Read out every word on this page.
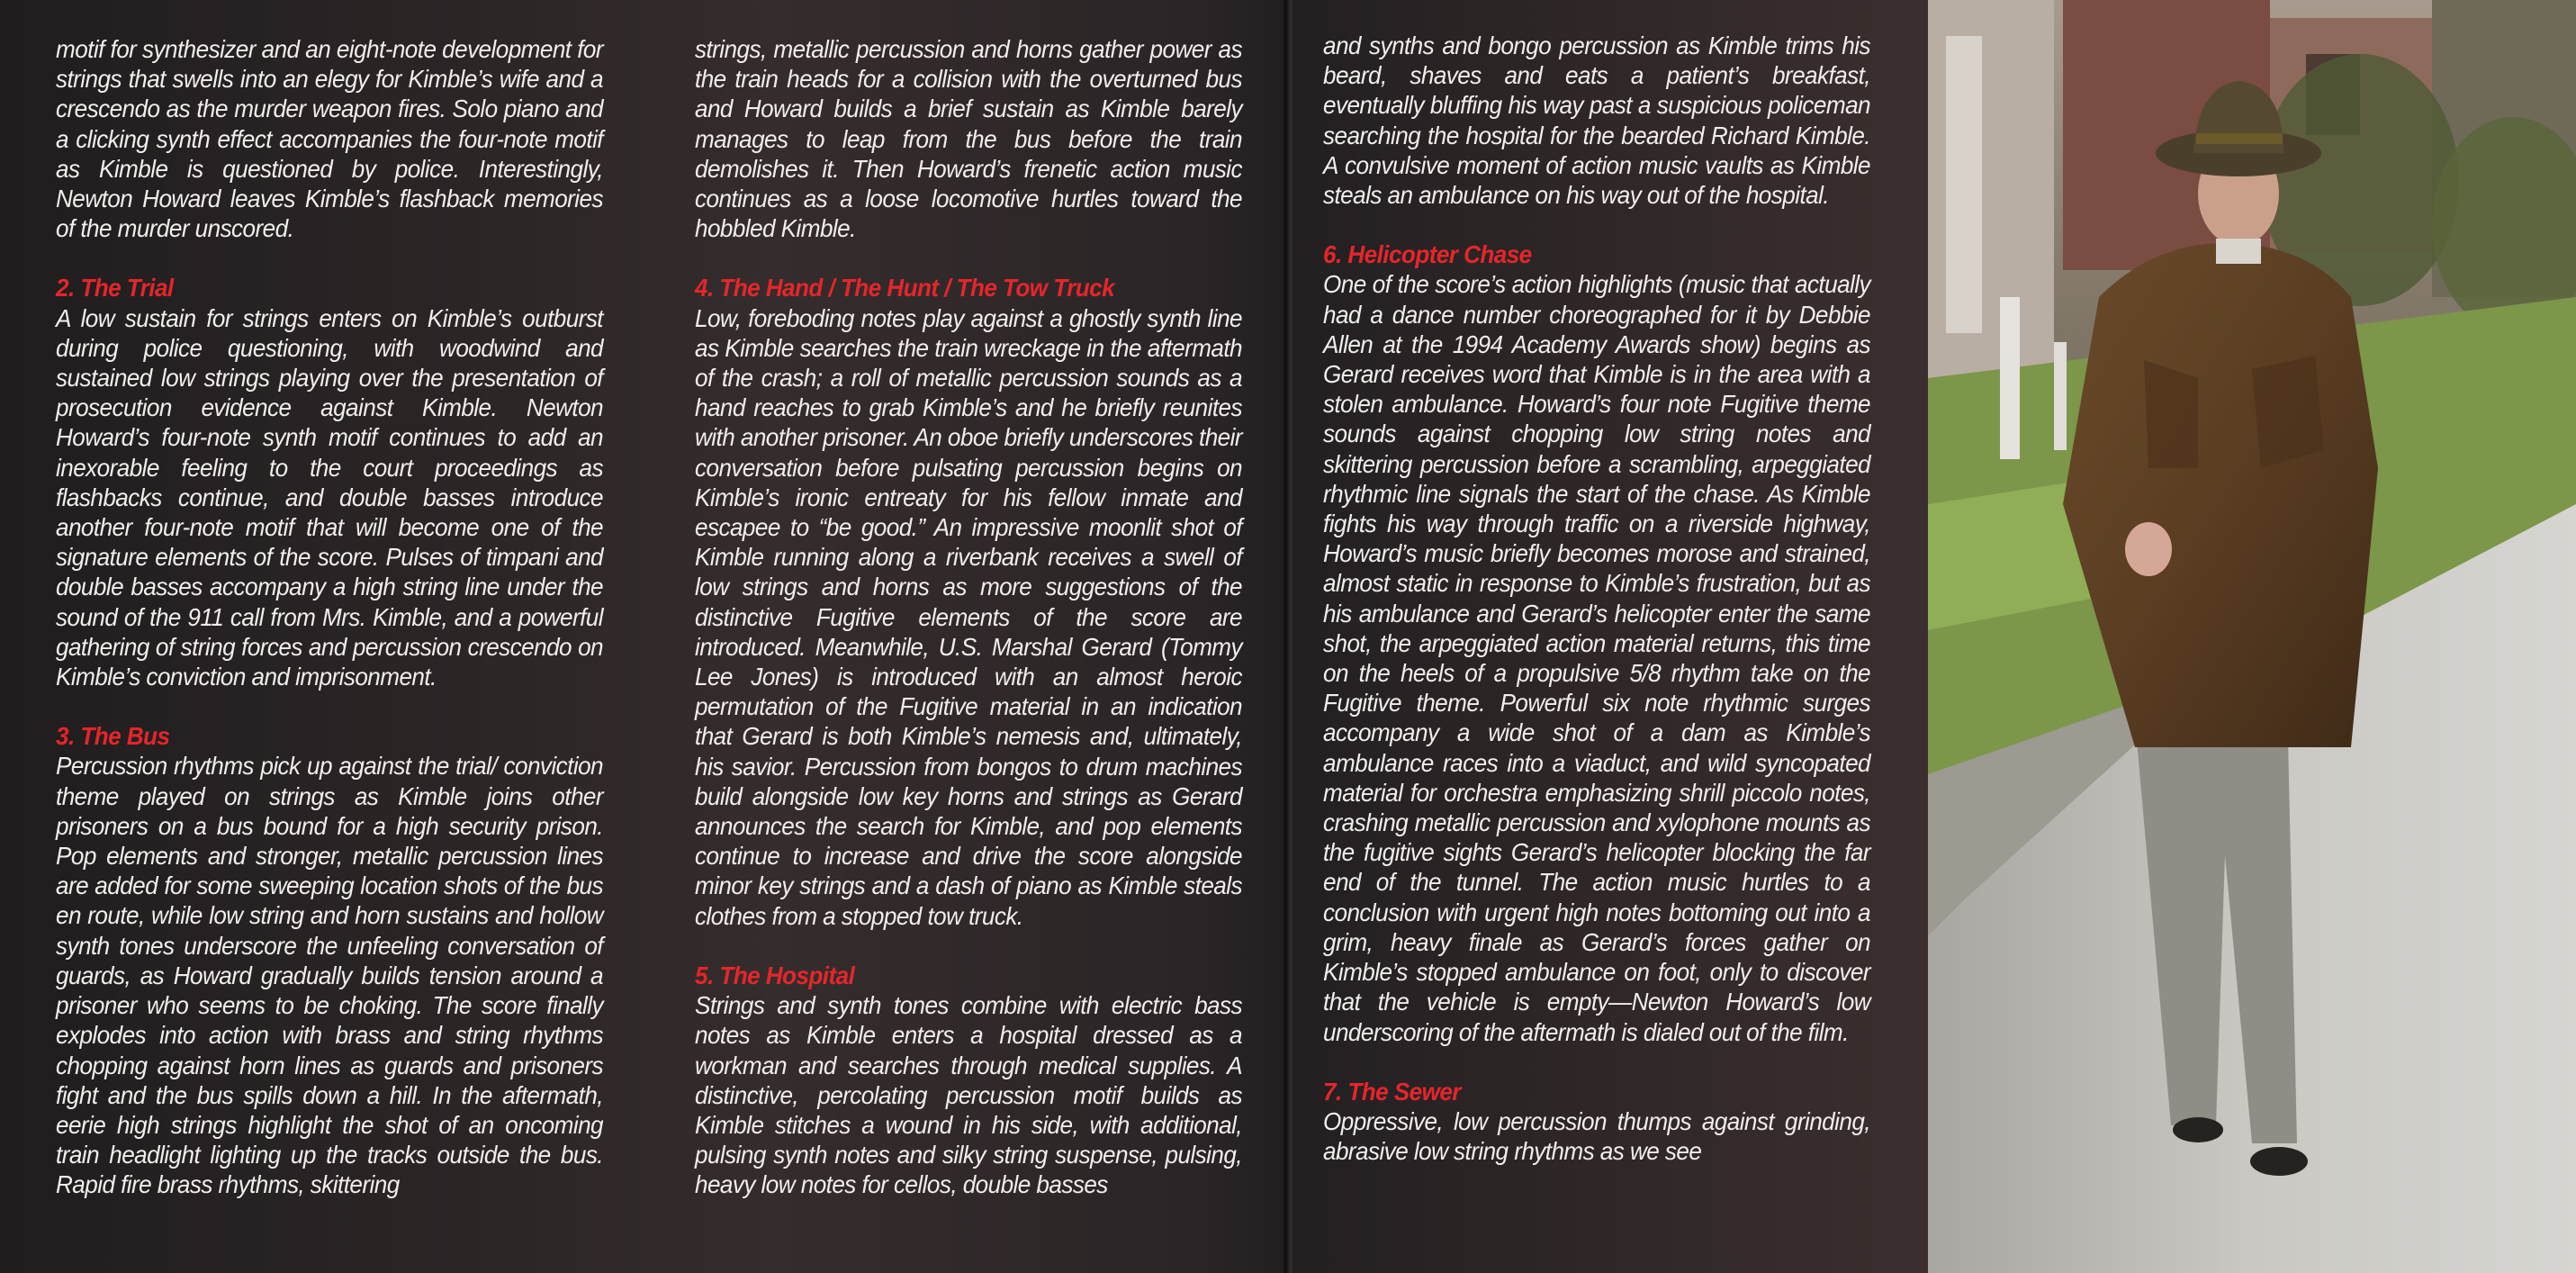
motif for synthesizer and an eight-note development for strings that swells into an elegy for Kimble’s wife and a crescendo as the murder weapon fires. Solo piano and a clicking synth effect accompanies the four-note motif as Kimble is questioned by police. Interestingly, Newton Howard leaves Kimble’s flashback memories of the murder unscored.

2. The Trial

A low sustain for strings enters on Kimble’s outburst during police questioning, with woodwind and sustained low strings playing over the presentation of prosecution evidence against Kimble. Newton Howard’s four-note synth motif continues to add an inexorable feeling to the court proceedings as flashbacks continue, and double basses introduce another four-note motif that will become one of the signature elements of the score. Pulses of timpani and double basses accompany a high string line under the sound of the 911 call from Mrs. Kimble, and a powerful gathering of string forces and percussion crescendo on Kimble’s conviction and imprisonment.

3. The Bus

Percussion rhythms pick up against the trial/ conviction theme played on strings as Kimble joins other prisoners on a bus bound for a high security prison. Pop elements and stronger, metallic percussion lines are added for some sweeping location shots of the bus en route, while low string and horn sustains and hollow synth tones underscore the unfeeling conversation of guards, as Howard gradually builds tension around a prisoner who seems to be choking. The score finally explodes into action with brass and string rhythms chopping against horn lines as guards and prisoners fight and the bus spills down a hill. In the aftermath, eerie high strings highlight the shot of an oncoming train headlight lighting up the tracks outside the bus. Rapid fire brass rhythms, skittering

strings, metallic percussion and horns gather power as the train heads for a collision with the overturned bus and Howard builds a brief sustain as Kimble barely manages to leap from the bus before the train demolishes it. Then Howard’s frenetic action music continues as a loose locomotive hurtles toward the hobbled Kimble.

4. The Hand / The Hunt / The Tow Truck

Low, foreboding notes play against a ghostly synth line as Kimble searches the train wreckage in the aftermath of the crash; a roll of metallic percussion sounds as a hand reaches to grab Kimble’s and he briefly reunites with another prisoner. An oboe briefly underscores their conversation before pulsating percussion begins on Kimble’s ironic entreaty for his fellow inmate and escapee to “be good.” An impressive moonlit shot of Kimble running along a riverbank receives a swell of low strings and horns as more suggestions of the distinctive Fugitive elements of the score are introduced. Meanwhile, U.S. Marshal Gerard (Tommy Lee Jones) is introduced with an almost heroic permutation of the Fugitive material in an indication that Gerard is both Kimble’s nemesis and, ultimately, his savior. Percussion from bongos to drum machines build alongside low key horns and strings as Gerard announces the search for Kimble, and pop elements continue to increase and drive the score alongside minor key strings and a dash of piano as Kimble steals clothes from a stopped tow truck.

5. The Hospital

Strings and synth tones combine with electric bass notes as Kimble enters a hospital dressed as a workman and searches through medical supplies. A distinctive, percolating percussion motif builds as Kimble stitches a wound in his side, with additional, pulsing synth notes and silky string suspense, pulsing, heavy low notes for cellos, double basses

and synths and bongo percussion as Kimble trims his beard, shaves and eats a patient’s breakfast, eventually bluffing his way past a suspicious policeman searching the hospital for the bearded Richard Kimble. A convulsive moment of action music vaults as Kimble steals an ambulance on his way out of the hospital.

6. Helicopter Chase

One of the score’s action highlights (music that actually had a dance number choreographed for it by Debbie Allen at the 1994 Academy Awards show) begins as Gerard receives word that Kimble is in the area with a stolen ambulance. Howard’s four note Fugitive theme sounds against chopping low string notes and skittering percussion before a scrambling, arpeggiated rhythmic line signals the start of the chase. As Kimble fights his way through traffic on a riverside highway, Howard’s music briefly becomes morose and strained, almost static in response to Kimble’s frustration, but as his ambulance and Gerard’s helicopter enter the same shot, the arpeggiated action material returns, this time on the heels of a propulsive 5/8 rhythm take on the Fugitive theme. Powerful six note rhythmic surges accompany a wide shot of a dam as Kimble’s ambulance races into a viaduct, and wild syncopated material for orchestra emphasizing shrill piccolo notes, crashing metallic percussion and xylophone mounts as the fugitive sights Gerard’s helicopter blocking the far end of the tunnel. The action music hurtles to a conclusion with urgent high notes bottoming out into a grim, heavy finale as Gerard’s forces gather on Kimble’s stopped ambulance on foot, only to discover that the vehicle is empty—Newton Howard’s low underscoring of the aftermath is dialed out of the film.

7. The Sewer

Oppressive, low percussion thumps against grinding, abrasive low string rhythms as we see
